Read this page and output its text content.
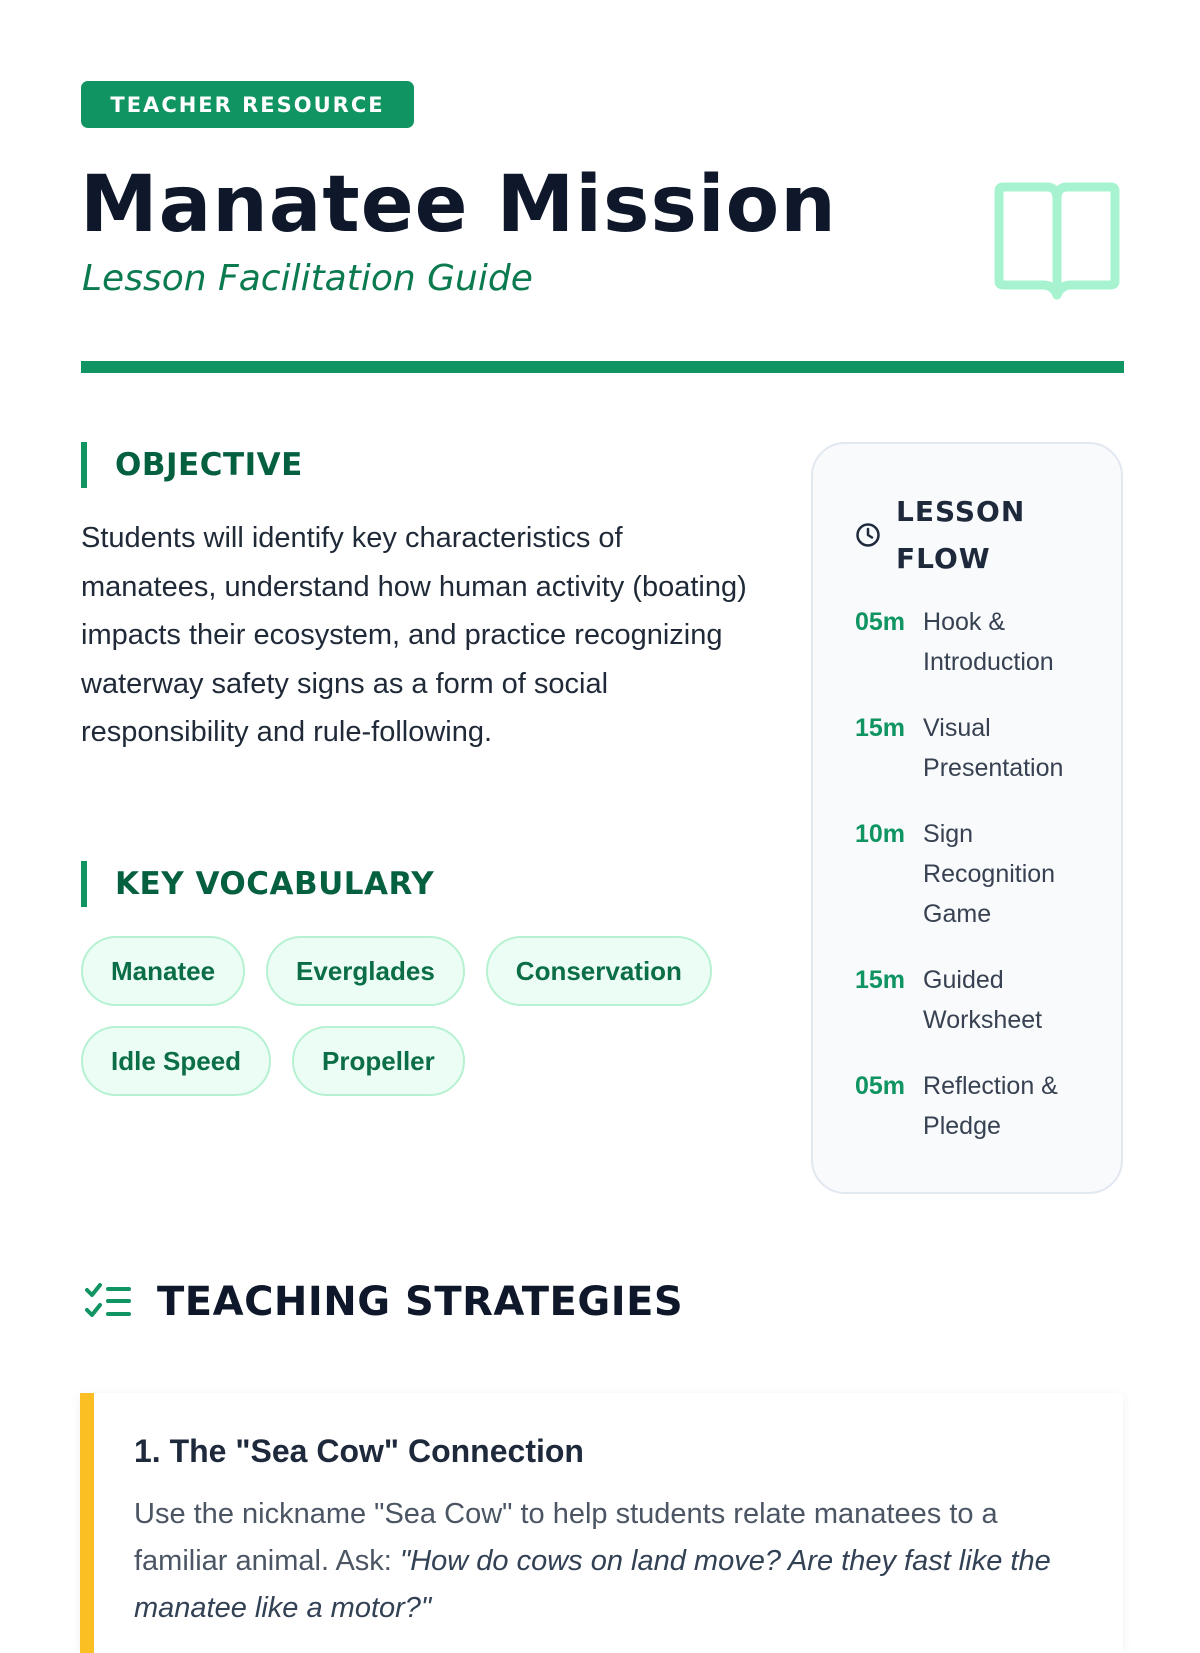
TEACHER RESOURCE
Manatee Mission
Lesson Facilitation Guide
OBJECTIVE

Students will identify key characteristics of manatees, understand how human activity (boating) impacts their ecosystem, and practice recognizing waterway safety signs as a form of social responsibility and rule-following.

KEY VOCABULARY
Manatee	Everglades	Conservation
Idle Speed	Propeller
LESSON FLOW
05m Hook & Introduction
15m Visual Presentation
10m Sign Recognition Game
15m Guided Worksheet
05m Reflection & Pledge
TEACHING STRATEGIES
1. The "Sea Cow" Connection

Use the nickname "Sea Cow" to help students relate manatees to a familiar animal. Ask: "How do cows on land move? Are they fast like the manatee like a motor?"
